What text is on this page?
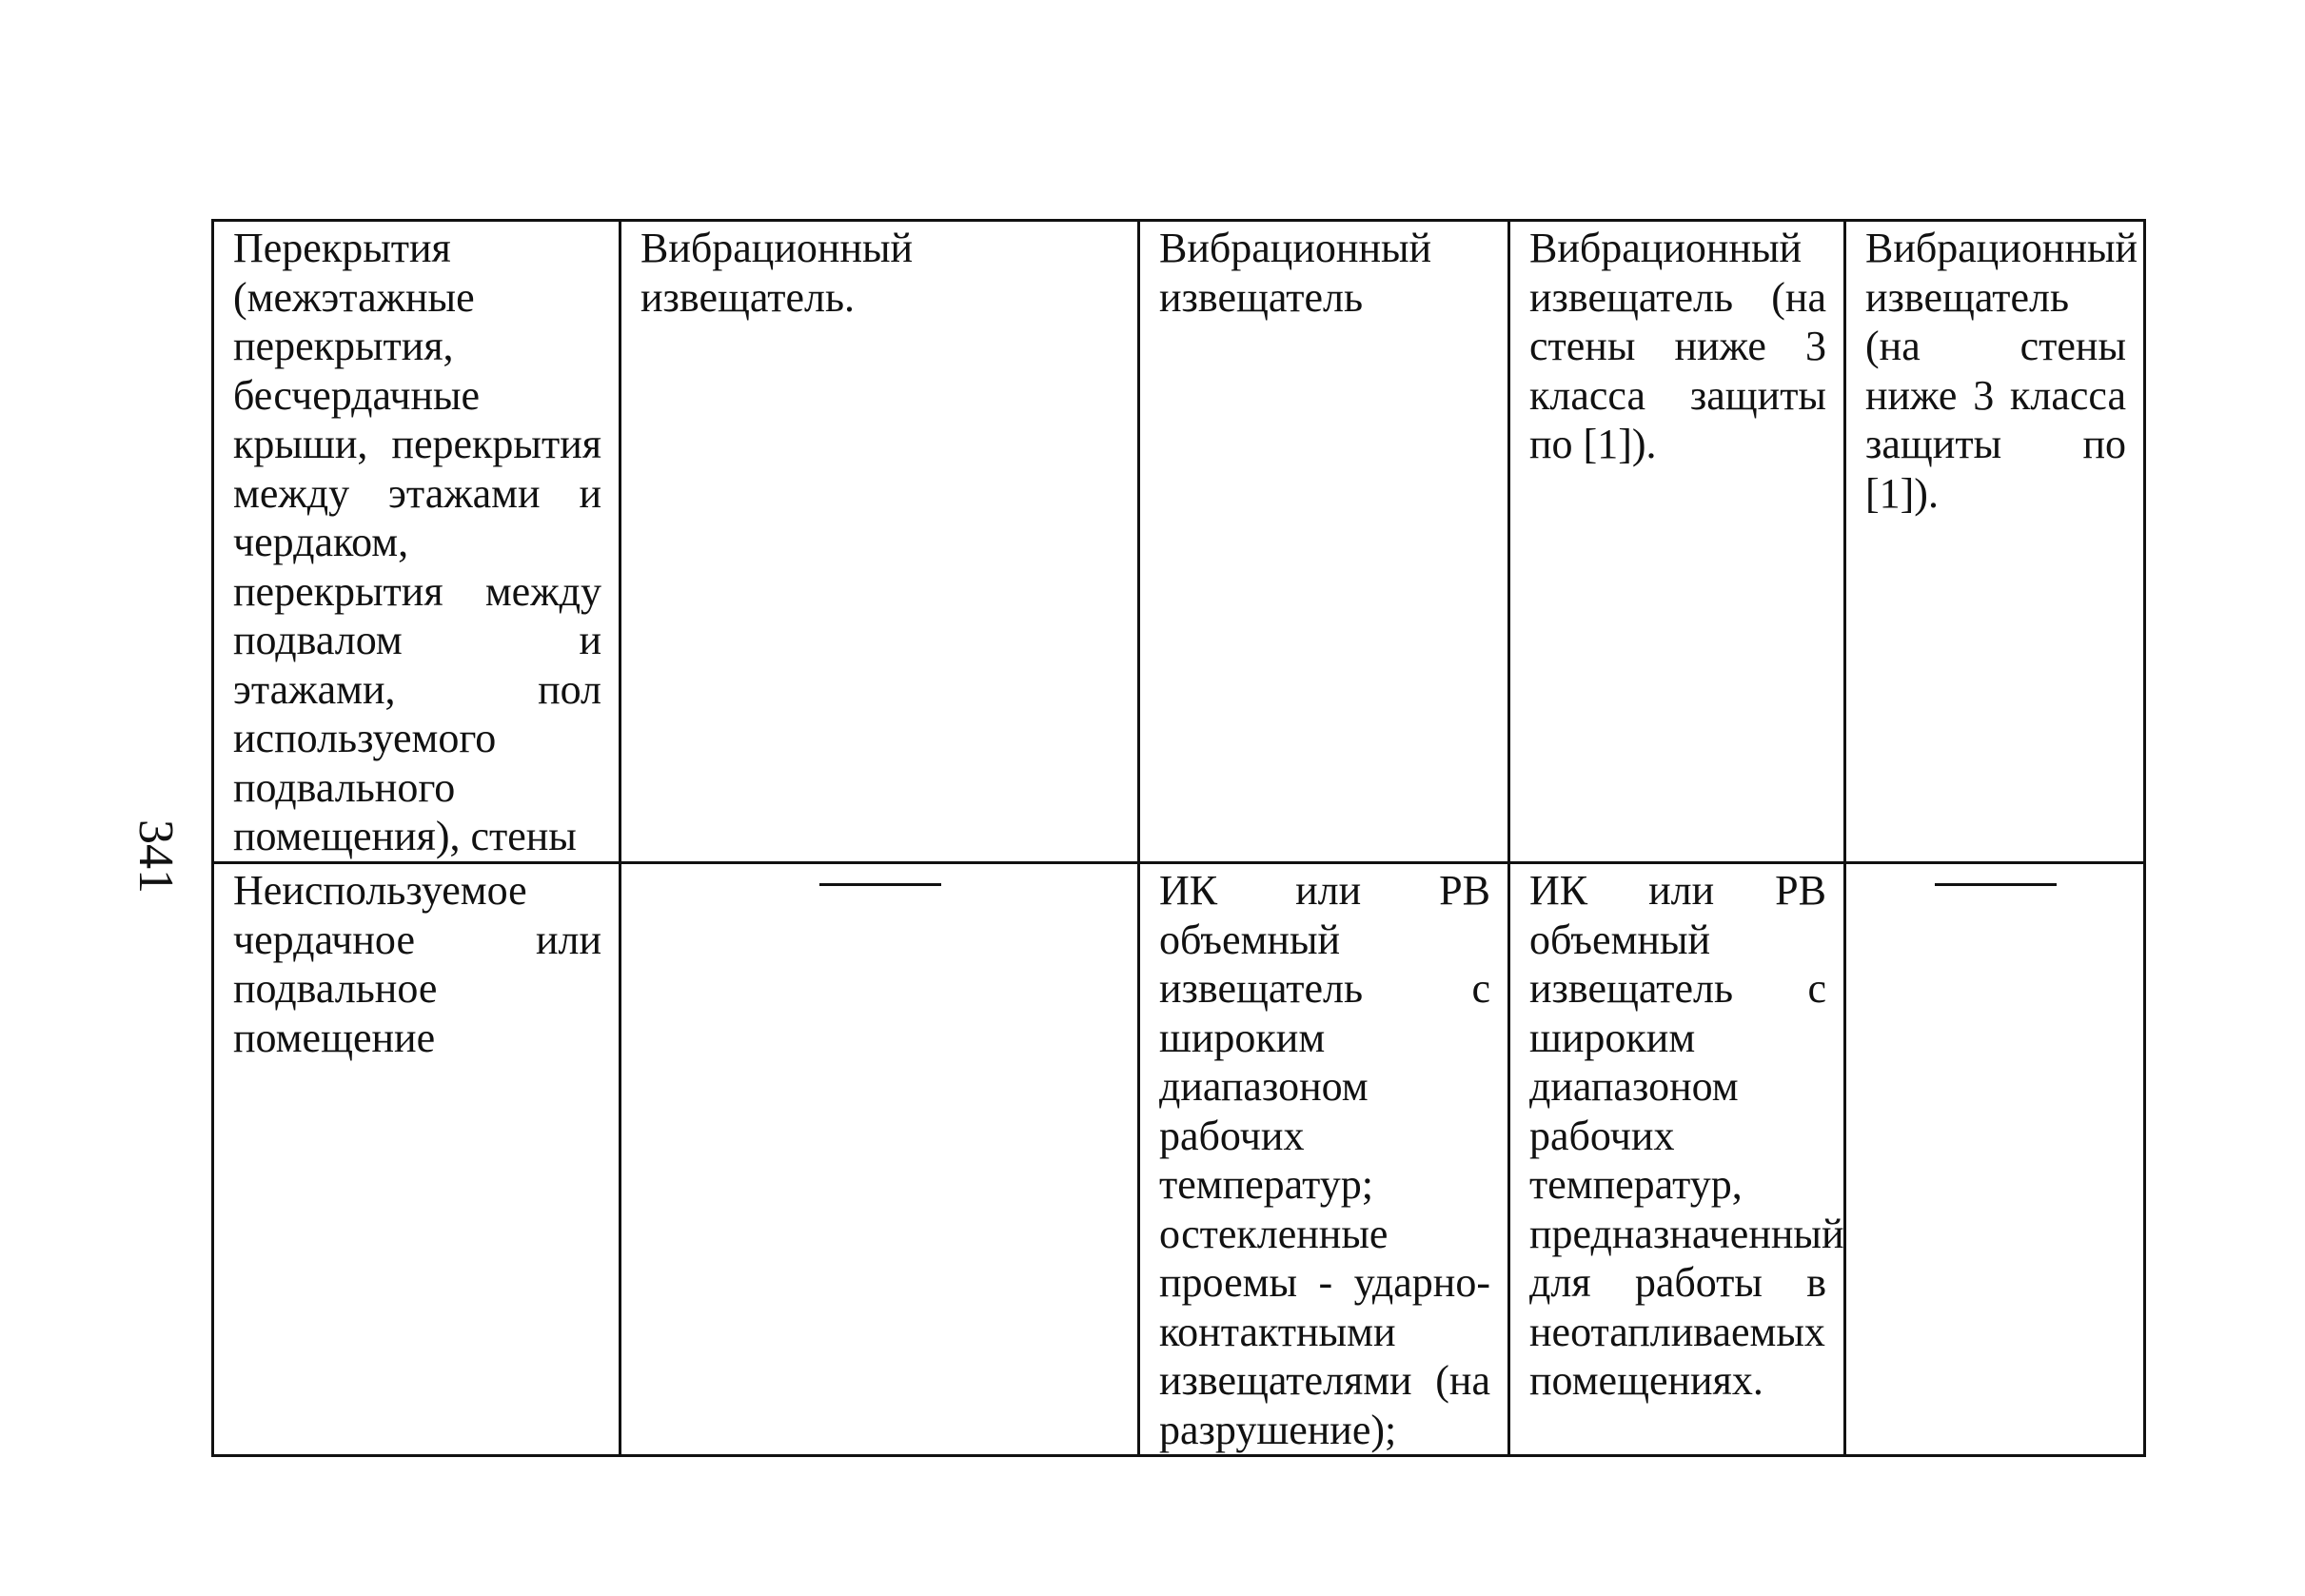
341
Перекрытия (межэтажные перекрытия, бесчердачные крыши, перекрытия между этажами и чердаком, перекрытия между подвалом и этажами, пол используемого подвального помещения), стены	Вибрационный извещатель.	Вибрационный извещатель	Вибрационный извещатель (на стены ниже 3 класса защиты по [1]).	Вибрационный извещатель (на стены ниже 3 класса защиты по [1]).
Неиспользуемое чердачное или подвальное помещение		ИК или РВ объемный извещатель с широким диапазоном рабочих температур; остекленные проемы - ударно-контактными извещателями (на разрушение);	ИК или РВ объемный извещатель с широким диапазоном рабочих температур, предназначенный для работы в неотапливаемых помещениях.	
